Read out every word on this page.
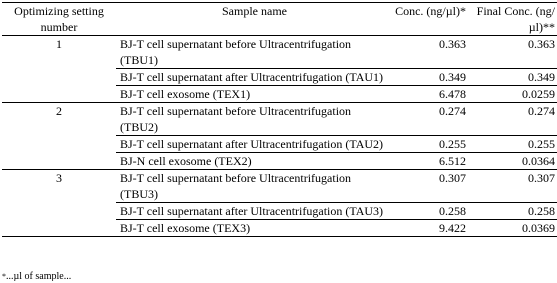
Optimizing setting number	Sample name	Conc. (ng/µl)*	Final Conc. (ng/µl)**
1	BJ-T cell supernatant before Ultracentrifugation (TBU1)	0.363	0.363
	BJ-T cell supernatant after Ultracentrifugation (TAU1)	0.349	0.349
	BJ-T cell exosome (TEX1)	6.478	0.0259
2	BJ-T cell supernatant before Ultracentrifugation (TBU2)	0.274	0.274
	BJ-T cell supernatant after Ultracentrifugation (TAU2)	0.255	0.255
	BJ-N cell exosome (TEX2)	6.512	0.0364
3	BJ-T cell supernatant before Ultracentrifugation (TBU3)	0.307	0.307
	BJ-T cell supernatant after Ultracentrifugation (TAU3)	0.258	0.258
	BJ-T cell exosome (TEX3)	9.422	0.0369
*...µl of sample...
